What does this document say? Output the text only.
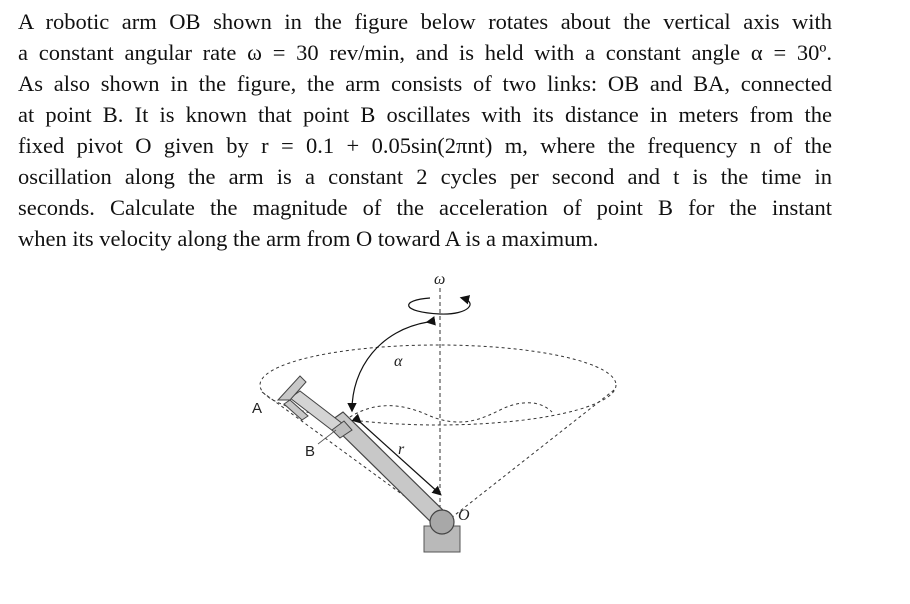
A robotic arm OB shown in the figure below rotates about the vertical axis with
a constant angular rate ω = 30 rev/min, and is held with a constant angle α = 30º.
As also shown in the figure, the arm consists of two links: OB and BA, connected
at point B. It is known that point B oscillates with its distance in meters from the
fixed pivot O given by r = 0.1 + 0.05sin(2πnt) m, where the frequency n of the
oscillation along the arm is a constant 2 cycles per second and t is the time in
seconds. Calculate the magnitude of the acceleration of point B for the instant
when its velocity along the arm from O toward A is a maximum.
ω
α
A
B	r
O
